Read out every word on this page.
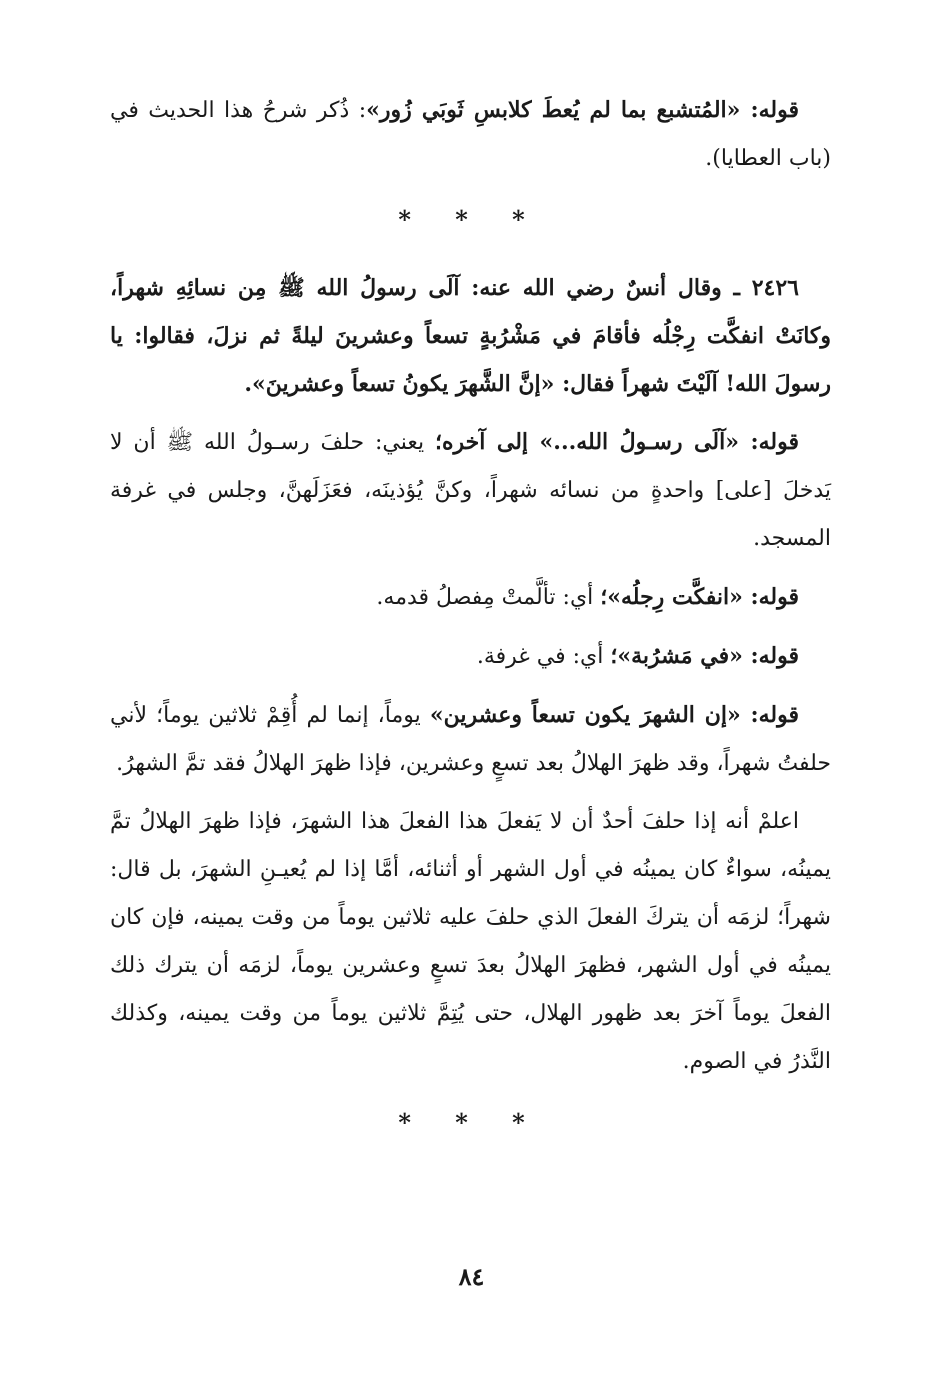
قوله: «المُتشبع بما لم يُعطَ كلابسِ ثَوبَي زُور»: ذُكر شرحُ هذا الحديث في (باب العطايا).

* * *

٢٤٢٦ ـ وقال أنسٌ رضي الله عنه: آلَى رسولُ الله ﷺ مِن نسائِهِ شهراً، وكانَتْ انفكَّت رِجْلُه فأقامَ في مَشْرُبةٍ تسعاً وعشرينَ ليلةً ثم نزلَ، فقالوا: يا رسولَ الله! آلَيْتَ شهراً فقال: «إنَّ الشَّهرَ يكونُ تسعاً وعشرينَ».

قوله: «آلَى رسـولُ الله...» إلى آخره؛ يعني: حلفَ رسـولُ الله ﷺ أن لا يَدخلَ [على] واحدةٍ من نسائه شهراً، وكنَّ يُؤذينَه، فعَزَلَهنَّ، وجلس في غرفة المسجد.

قوله: «انفكَّت رِجلُه»؛ أي: تألَّمتْ مِفصلُ قدمه.

قوله: «في مَشرُبة»؛ أي: في غرفة.

قوله: «إن الشهرَ يكون تسعاً وعشرين» يوماً، إنما لم أُقِمْ ثلاثين يوماً؛ لأني حلفتُ شهراً، وقد ظهرَ الهلالُ بعد تسعٍ وعشرين، فإذا ظهرَ الهلالُ فقد تمَّ الشهرُ.

اعلمْ أنه إذا حلفَ أحدٌ أن لا يَفعلَ هذا الفعلَ هذا الشهرَ، فإذا ظهرَ الهلالُ تمَّ يمينُه، سواءٌ كان يمينُه في أول الشهر أو أثنائه، أمَّا إذا لم يُعيـنِ الشهرَ، بل قال: شهراً؛ لزمَه أن يتركَ الفعلَ الذي حلفَ عليه ثلاثين يوماً من وقت يمينه، فإن كان يمينُه في أول الشهر، فظهرَ الهلالُ بعدَ تسعٍ وعشرين يوماً، لزمَه أن يترك ذلك الفعلَ يوماً آخرَ بعد ظهور الهلال، حتى يُتِمَّ ثلاثين يوماً من وقت يمينه، وكذلك النَّذرُ في الصوم.

* * *
٨٤
